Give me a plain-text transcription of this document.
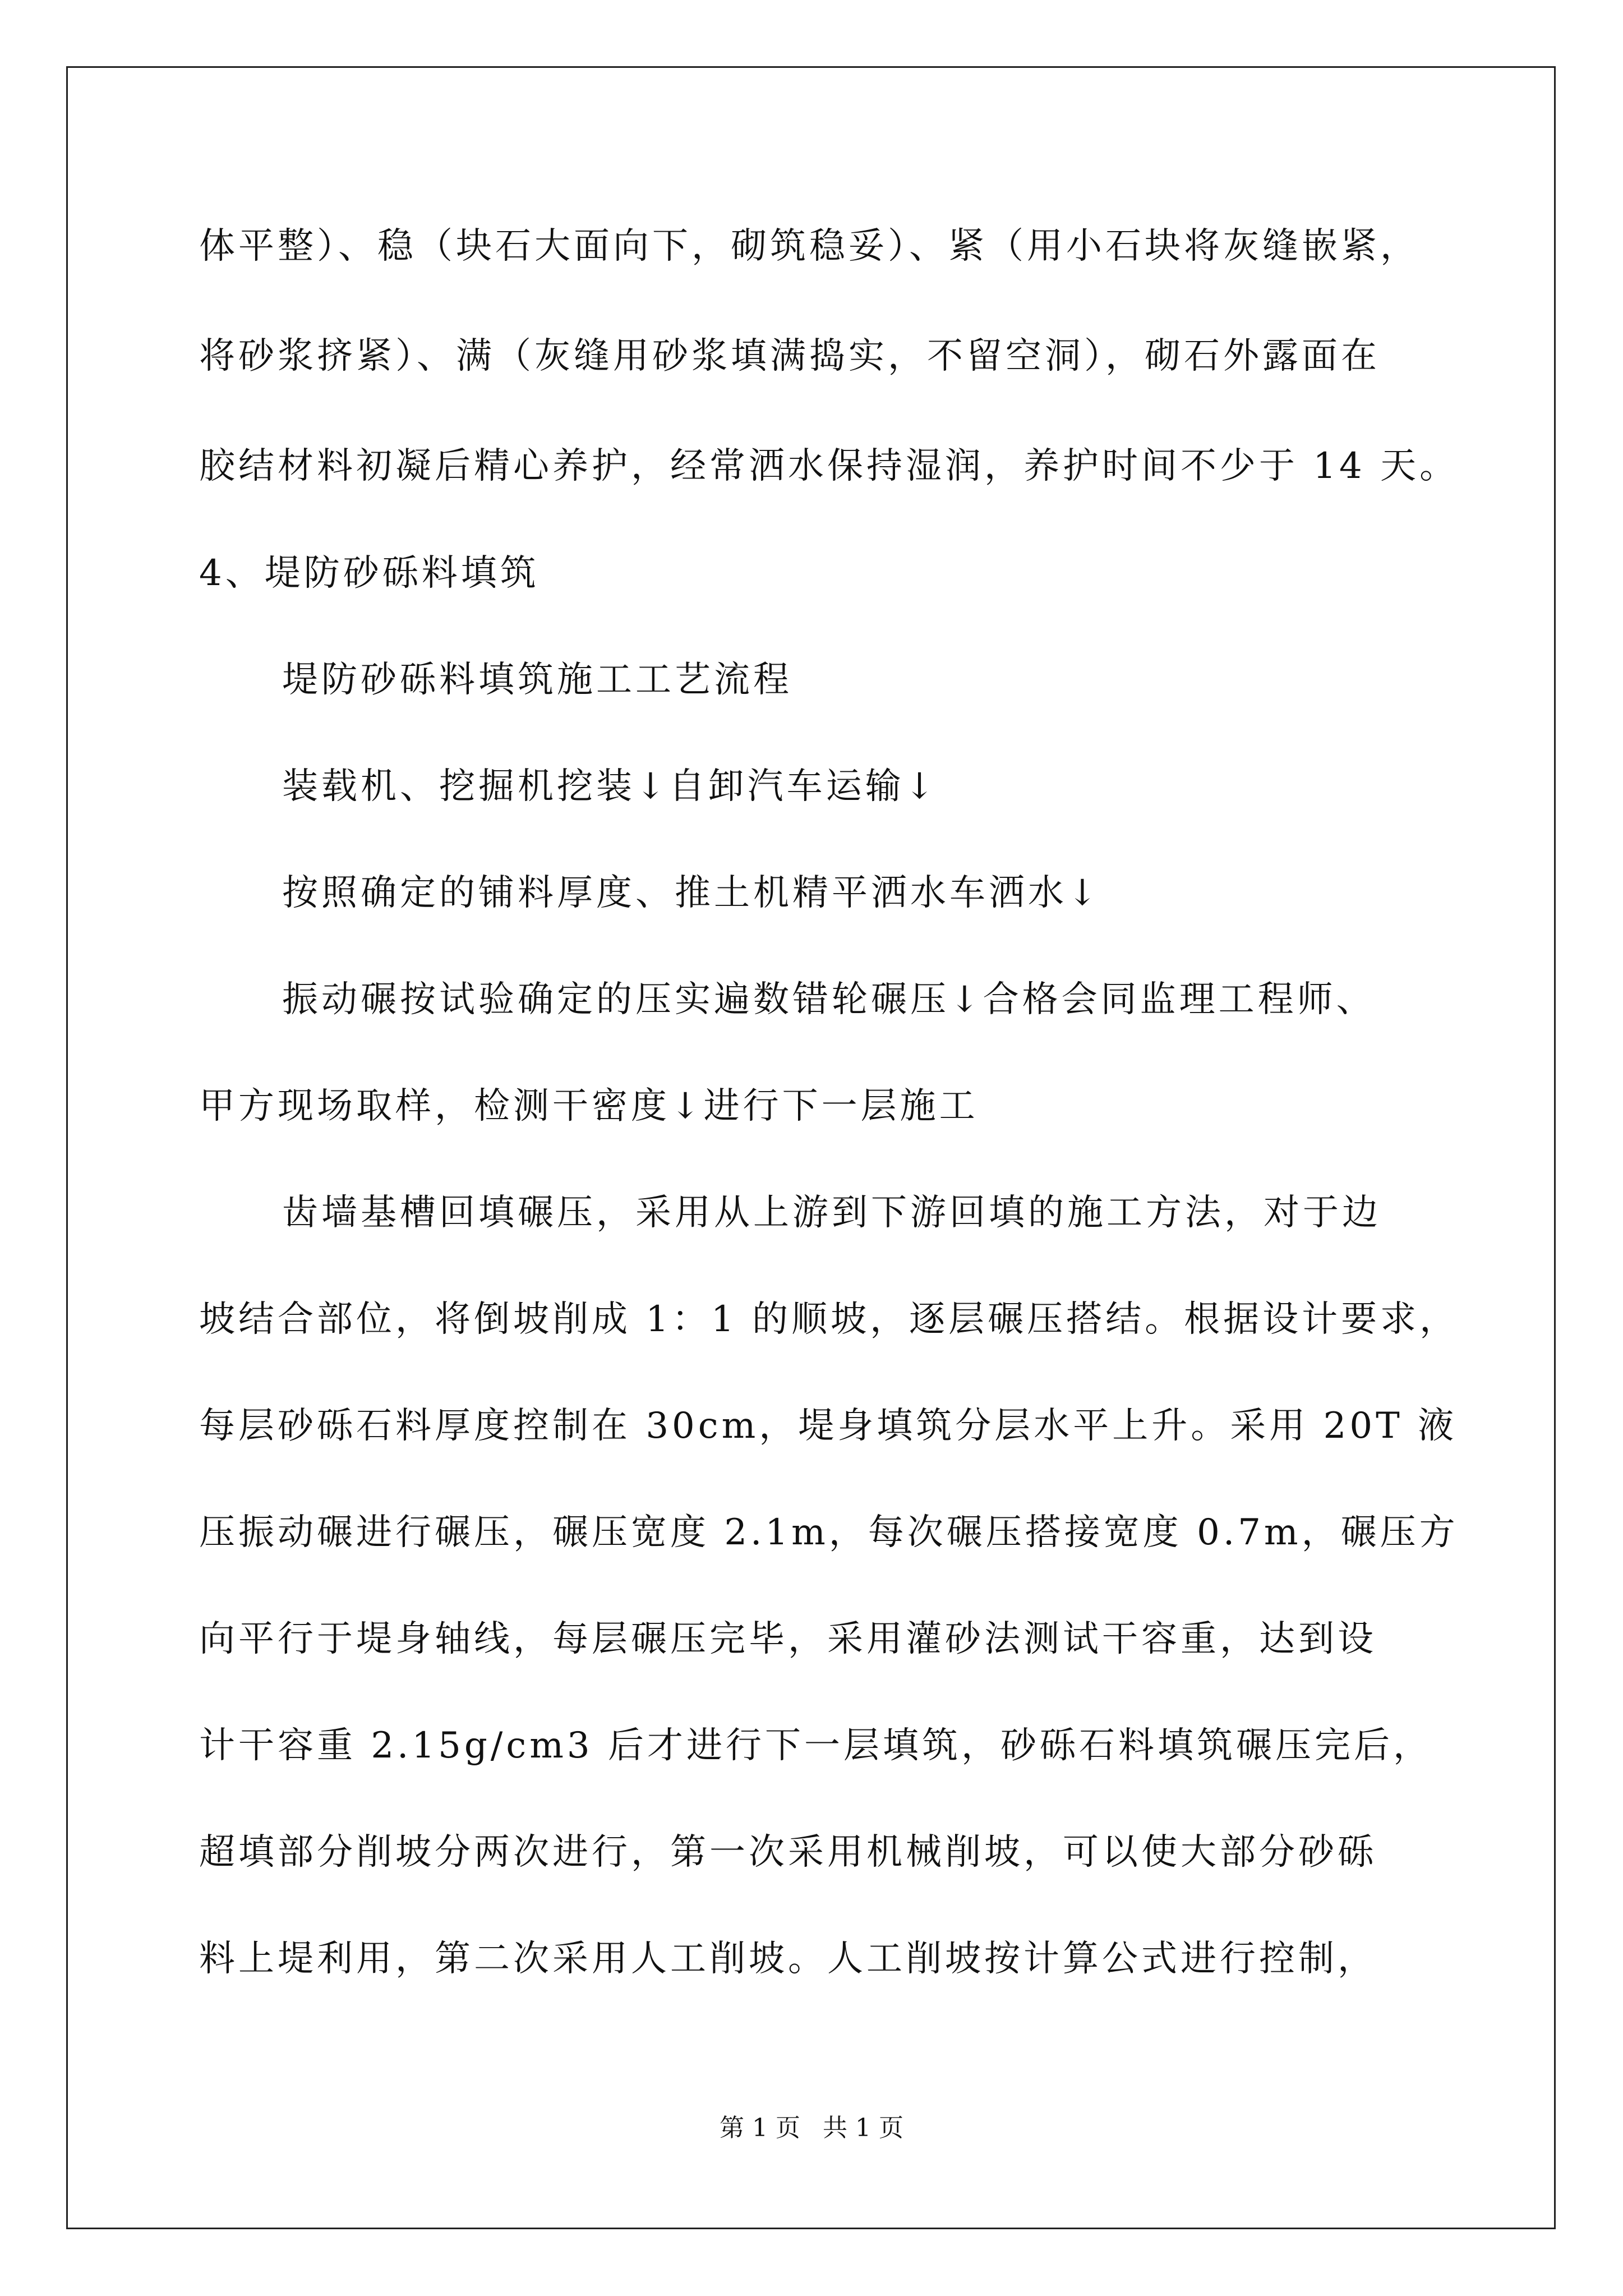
体平整）、稳（块石大面向下，砌筑稳妥）、紧（用小石块将灰缝嵌紧，
将砂浆挤紧）、满（灰缝用砂浆填满捣实，不留空洞），砌石外露面在
胶结材料初凝后精心养护，经常洒水保持湿润，养护时间不少于 14 天。
4、堤防砂砾料填筑
堤防砂砾料填筑施工工艺流程
装载机、挖掘机挖装↓自卸汽车运输↓
按照确定的铺料厚度、推土机精平洒水车洒水↓
振动碾按试验确定的压实遍数错轮碾压↓合格会同监理工程师、
甲方现场取样，检测干密度↓进行下一层施工
齿墙基槽回填碾压，采用从上游到下游回填的施工方法，对于边
坡结合部位，将倒坡削成 1：1 的顺坡，逐层碾压搭结。根据设计要求，
每层砂砾石料厚度控制在 30cm，堤身填筑分层水平上升。采用 20T 液
压振动碾进行碾压，碾压宽度 2.1m，每次碾压搭接宽度 0.7m，碾压方
向平行于堤身轴线，每层碾压完毕，采用灌砂法测试干容重，达到设
计干容重 2.15g/cm3 后才进行下一层填筑，砂砾石料填筑碾压完后，
超填部分削坡分两次进行，第一次采用机械削坡，可以使大部分砂砾
料上堤利用，第二次采用人工削坡。人工削坡按计算公式进行控制，
第 1 页 共 1 页
